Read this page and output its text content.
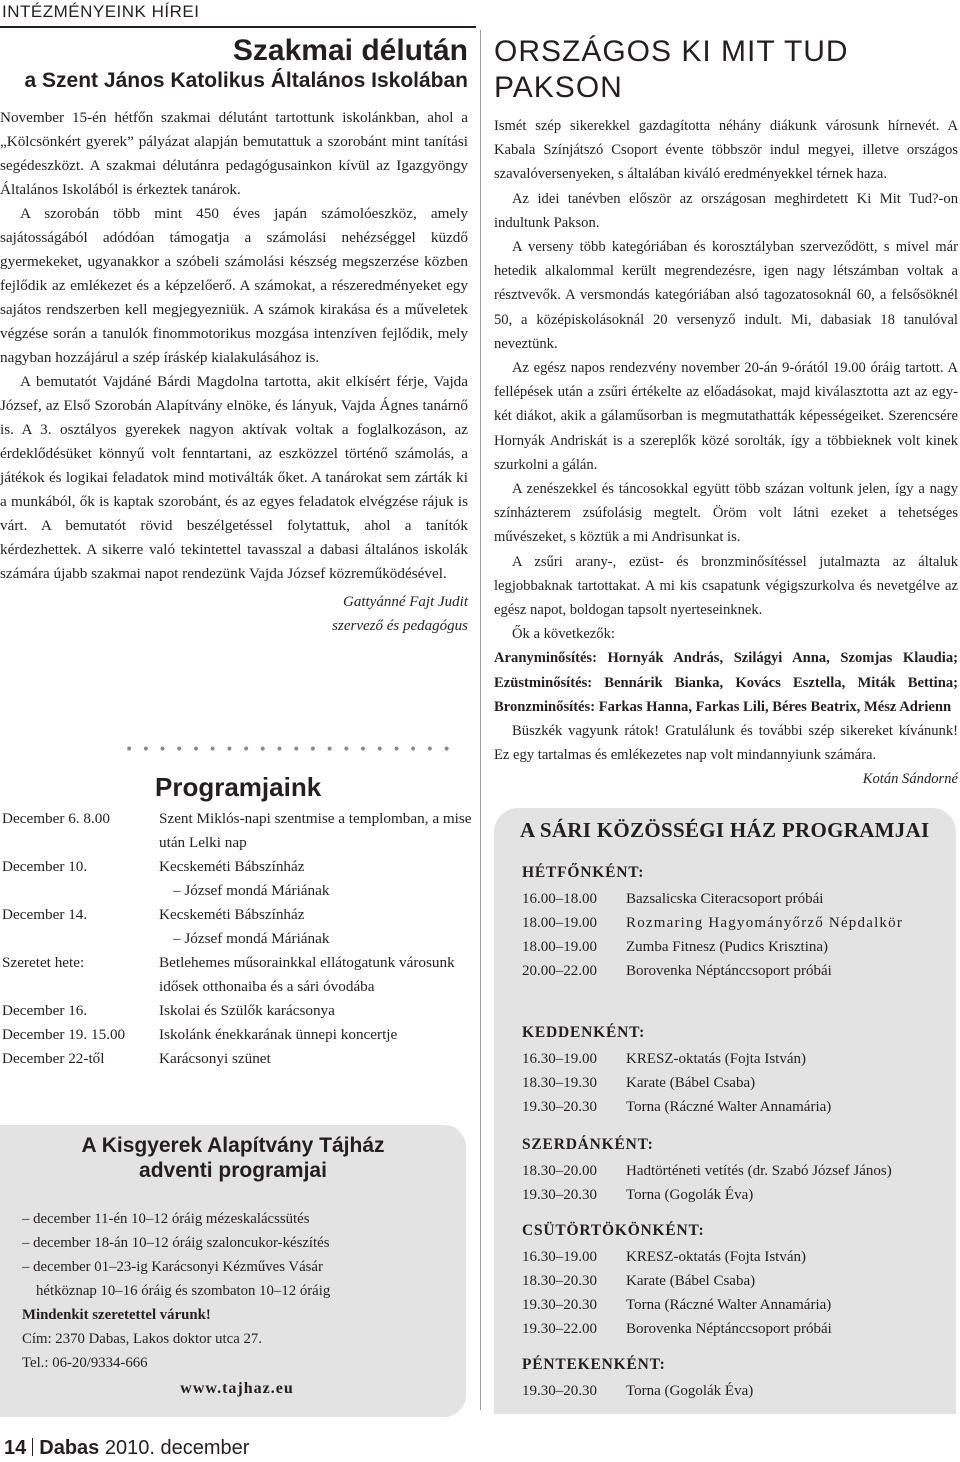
INTÉZMÉNYEINK HÍREI
Szakmai délután
a Szent János Katolikus Általános Iskolában

November 15-én hétfőn szakmai délutánt tartottunk iskolánkban, ahol a „Kölcsönkért gyerek” pályázat alapján bemutattuk a szorobánt mint tanítási segédeszközt. A szakmai délutánra pedagógusainkon kívül az Igazgyöngy Általános Iskolából is érkeztek tanárok.

A szorobán több mint 450 éves japán számolóeszköz, amely sajátosságából adódóan támogatja a számolási nehézséggel küzdő gyermekeket, ugyanakkor a szóbeli számolási készség megszerzése közben fejlődik az emlékezet és a képzelőerő. A számokat, a részeredményeket egy sajátos rendszerben kell megjegyezniük. A számok kirakása és a műveletek végzése során a tanulók finommotorikus mozgása intenzíven fejlődik, mely nagyban hozzájárul a szép íráskép kialakulásához is.

A bemutatót Vajdáné Bárdi Magdolna tartotta, akit elkísért férje, Vajda József, az Első Szorobán Alapítvány elnöke, és lányuk, Vajda Ágnes tanárnő is. A 3. osztályos gyerekek nagyon aktívak voltak a foglalkozáson, az érdeklődésüket könnyű volt fenntartani, az eszközzel történő számolás, a játékok és logikai feladatok mind motiválták őket. A tanárokat sem zárták ki a munkából, ők is kaptak szorobánt, és az egyes feladatok elvégzése rájuk is várt. A bemutatót rövid beszélgetéssel folytattuk, ahol a tanítók kérdezhettek. A sikerre való tekintettel tavasszal a dabasi általános iskolák számára újabb szakmai napot rendezünk Vajda József közreműködésével.

Gattyánné Fajt Judit
szervező és pedagógus
• • • • • • • • • • • • • • • • • • • •
Programjaink
December 6. 8.00	Szent Miklós-napi szentmise a templomban, a mise után Lelki nap
December 10.	Kecskeméti Bábszínház
– József mondá Máriának
December 14.	Kecskeméti Bábszínház
– József mondá Máriának
Szeretet hete:	Betlehemes műsorainkkal ellátogatunk városunk idősek otthonaiba és a sári óvodába
December 16.	Iskolai és Szülők karácsonya
December 19. 15.00	Iskolánk énekkarának ünnepi koncertje
December 22-től	Karácsonyi szünet
A Kisgyerek Alapítvány Tájház
adventi programjai
– december 11-én 10–12 óráig mézeskalácssütés
– december 18-án 10–12 óráig szaloncukor-készítés
– december 01–23-ig Karácsonyi Kézműves Vásár
hétköznap 10–16 óráig és szombaton 10–12 óráig
Mindenkit szeretettel várunk!
Cím: 2370 Dabas, Lakos doktor utca 27.
Tel.: 06-20/9334-666
www.tajhaz.eu
ORSZÁGOS KI MIT TUD PAKSON

Ismét szép sikerekkel gazdagította néhány diákunk városunk hírnevét. A Kabala Színjátszó Csoport évente többször indul megyei, illetve országos szavalóversenyeken, s általában kiváló eredményekkel térnek haza.

Az idei tanévben először az országosan meghirdetett Ki Mit Tud?-on indultunk Pakson.

A verseny több kategóriában és korosztályban szerveződött, s mivel már hetedik alkalommal került megrendezésre, igen nagy létszámban voltak a résztvevők. A versmondás kategóriában alsó tagozatosoknál 60, a felsősöknél 50, a középiskolásoknál 20 versenyző indult. Mi, dabasiak 18 tanulóval neveztünk.

Az egész napos rendezvény november 20-án 9-órától 19.00 óráig tartott. A fellépések után a zsűri értékelte az előadásokat, majd kiválasztotta azt az egy-két diákot, akik a gálaműsorban is megmutathatták képességeiket. Szerencsére Hornyák Andriskát is a szereplők közé sorolták, így a többieknek volt kinek szurkolni a gálán.

A zenészekkel és táncosokkal együtt több százan voltunk jelen, így a nagy színházterem zsúfolásig megtelt. Öröm volt látni ezeket a tehetséges művészeket, s köztük a mi Andrisunkat is.

A zsűri arany-, ezüst- és bronzminősítéssel jutalmazta az általuk legjobbaknak tartottakat. A mi kis csapatunk végigszurkolva és nevetgélve az egész napot, boldogan tapsolt nyerteseinknek.

Ők a következők:

Aranyminősítés: Hornyák András, Szilágyi Anna, Szomjas Klaudia; Ezüstminősítés: Bennárik Bianka, Kovács Esztella, Miták Bettina; Bronzminősítés: Farkas Hanna, Farkas Lili, Béres Beatrix, Mész Adrienn

Büszkék vagyunk rátok! Gratulálunk és további szép sikereket kívánunk! Ez egy tartalmas és emlékezetes nap volt mindannyiunk számára.
Kotán Sándorné

A SÁRI KÖZÖSSÉGI HÁZ PROGRAMJAI
HÉTFŐNKÉNT:
16.00–18.00	Bazsalicska Citeracsoport próbái
18.00–19.00	Rozmaring Hagyományőrző Népdalkör
18.00–19.00	Zumba Fitnesz (Pudics Krisztina)
20.00–22.00	Borovenka Néptánccsoport próbái
KEDDENKÉNT:
16.30–19.00	KRESZ-oktatás (Fojta István)
18.30–19.30	Karate (Bábel Csaba)
19.30–20.30	Torna (Ráczné Walter Annamária)
SZERDÁNKÉNT:
18.30–20.00	Hadtörténeti vetítés (dr. Szabó József János)
19.30–20.30	Torna (Gogolák Éva)
CSÜTÖRTÖKÖNKÉNT:
16.30–19.00	KRESZ-oktatás (Fojta István)
18.30–20.30	Karate (Bábel Csaba)
19.30–20.30	Torna (Ráczné Walter Annamária)
19.30–22.00	Borovenka Néptánccsoport próbái
PÉNTEKENKÉNT:
19.30–20.30	Torna (Gogolák Éva)
14 Dabas 2010. december
